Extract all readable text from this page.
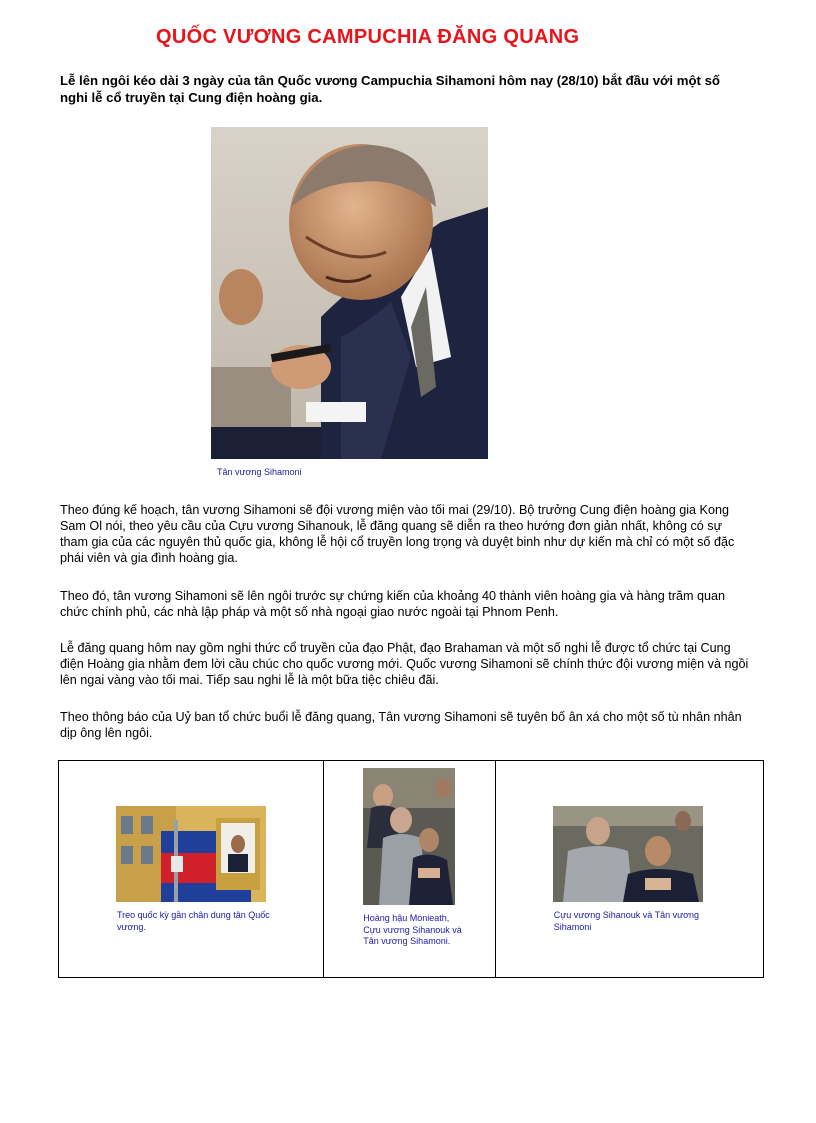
QUỐC VƯƠNG CAMPUCHIA ĐĂNG QUANG
Lễ lên ngôi kéo dài 3 ngày của tân Quốc vương Campuchia Sihamoni hôm nay (28/10) bắt đầu với một số nghi lễ cổ truyền tại Cung điện hoàng gia.
Tân vương Sihamoni
Theo đúng kế hoạch, tân vương Sihamoni sẽ đội vương miện vào tối mai (29/10). Bộ trưởng Cung điện hoàng gia Kong Sam Ol nói, theo yêu cầu của Cựu vương Sihanouk, lễ đăng quang sẽ diễn ra theo hướng đơn giản nhất, không có sự tham gia của các nguyên thủ quốc gia, không lễ hội cổ truyền long trọng và duyệt binh như dự kiến mà chỉ có một số đặc phái viên và gia đình hoàng gia.
Theo đó, tân vương Sihamoni sẽ lên ngôi trước sự chứng kiến của khoảng 40 thành viên hoàng gia và hàng trăm quan chức chính phủ, các nhà lập pháp và một số nhà ngoại giao nước ngoài tại Phnom Penh.
Lễ đăng quang hôm nay gồm nghi thức cổ truyền của đạo Phật, đạo Brahaman và một số nghi lễ được tổ chức tại Cung điện Hoàng gia nhằm đem lời cầu chúc cho quốc vương mới. Quốc vương Sihamoni sẽ chính thức đội vương miện và ngồi lên ngai vàng vào tối mai. Tiếp sau nghi lễ là một bữa tiệc chiêu đãi.
Theo thông báo của Uỷ ban tổ chức buổi lễ đăng quang, Tân vương Sihamoni sẽ tuyên bố ân xá cho một số tù nhân nhân dịp ông lên ngôi.
Treo quốc kỳ gần chân dung tân Quốc vương.

Hoàng hậu Monieath, Cựu vương Sihanouk và Tân vương Sihamoni.

Cựu vương Sihanouk và Tân vương Sihamoni
